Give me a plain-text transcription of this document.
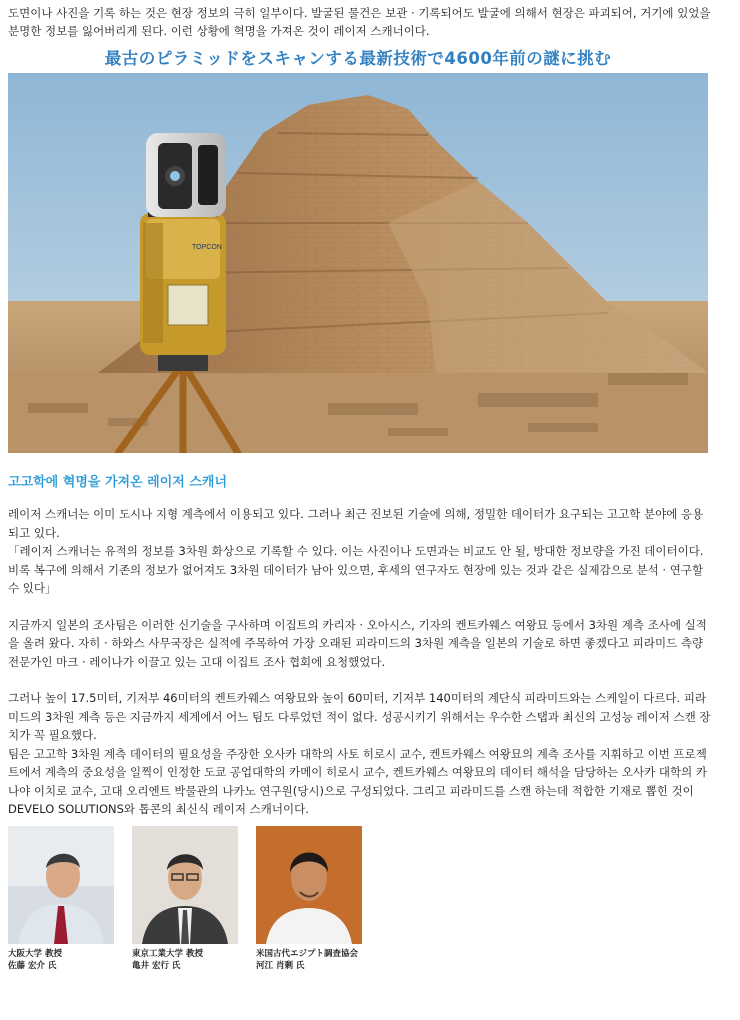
도면이나 사진을 기록 하는 것은 현장 정보의 극히 일부이다. 발굴된 물건은 보관 · 기록되어도 발굴에 의해서 현장은 파괴되어, 거기에 있었을 분명한 정보를 잃어버리게 된다. 이런 상황에 혁명을 가져온 것이 레이저 스캐너이다.

最古のピラミッドをスキャンする最新技術で4600年前の謎に挑む
TOPCON
고고학에 혁명을 가져온 레이저 스캐너

레이저 스캐너는 이미 도시나 지형 계측에서 이용되고 있다. 그러나 최근 진보된 기술에 의해, 정밀한 데이터가 요구되는 고고학 분야에 응용되고 있다.

「레이저 스캐너는 유적의 정보를 3차원 화상으로 기록할 수 있다. 이는 사진이나 도면과는 비교도 안 될, 방대한 정보량을 가진 데이터이다. 비록 복구에 의해서 기존의 정보가 없어져도 3차원 데이터가 남아 있으면, 후세의 연구자도 현장에 있는 것과 같은 실제감으로 분석 · 연구할 수 있다」

지금까지 일본의 조사팀은 이러한 신기술을 구사하며 이집트의 카리자 · 오아시스, 기자의 켄트카웨스 여왕묘 등에서 3차원 계측 조사에 실적을 올려 왔다. 자히 · 하와스 사무국장은 실적에 주목하여 가장 오래된 피라미드의 3차원 계측을 일본의 기술로 하면 좋겠다고 피라미드 측량 전문가인 마크 · 레이나가 이끌고 있는 고대 이집트 조사 협회에 요청했었다.

그러나 높이 17.5미터, 기저부 46미터의 켄트카웨스 여왕묘와 높이 60미터, 기저부 140미터의 계단식 피라미드와는 스케일이 다르다. 피라미드의 3차원 계측 등은 지금까지 세계에서 어느 팀도 다루었던 적이 없다. 성공시키기 위해서는 우수한 스탭과 최신의 고성능 레이저 스캔 장치가 꼭 필요했다.

팀은 고고학 3차원 계측 데이터의 필요성을 주장한 오사카 대학의 사토 히로시 교수, 켄트카웨스 여왕묘의 계측 조사를 지휘하고 이번 프로젝트에서 계측의 중요성을 일찍이 인정한 도쿄 공업대학의 카메이 히로시 교수, 켄트카웨스 여왕묘의 데이터 해석을 담당하는 오사카 대학의 카나야 이치로 교수, 고대 오리엔트 박물관의 나카노 연구원(당시)으로 구성되었다. 그리고 피라미드를 스캔 하는데 적합한 기재로 뽑힌 것이 DEVELO SOLUTIONS와 톱콘의 최신식 레이저 스캐너이다.

大阪大学 教授
佐藤 宏介 氏
東京工業大学 教授
亀井 宏行 氏
米国古代エジプト調査協会
河江 肖剰 氏
